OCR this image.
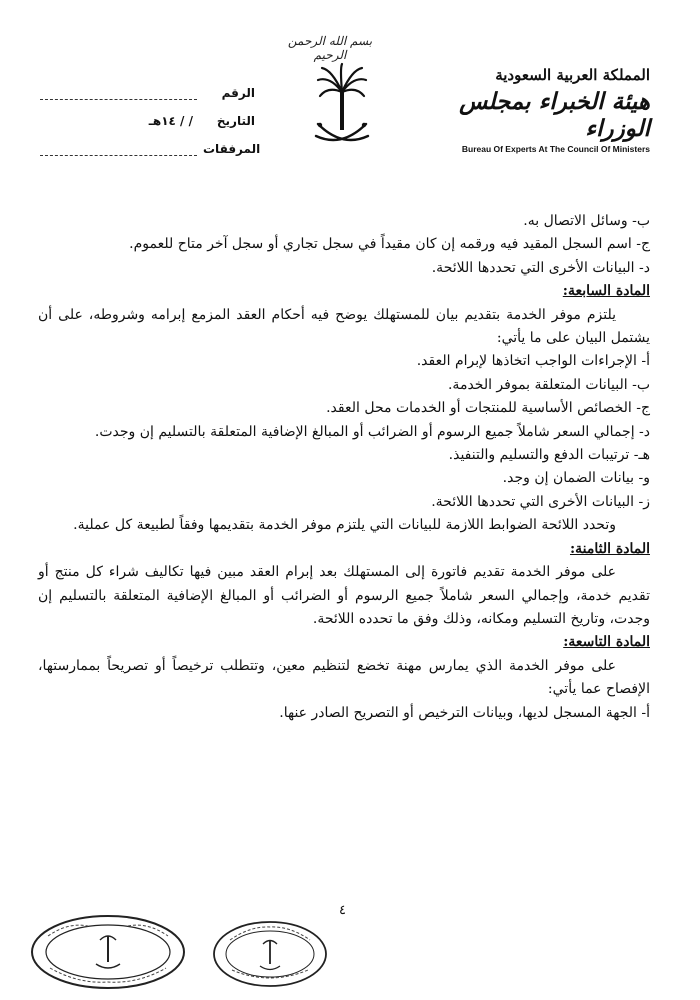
بسم الله الرحمن الرحيم
المملكة العربية السعودية
هيئة الخبراء بمجلس الوزراء
Bureau Of Experts At The Council Of Ministers
الرقم
التاريخ
/ / ١٤هـ
المرفقات

ب- وسائل الاتصال به.

ج- اسم السجل المقيد فيه ورقمه إن كان مقيداً في سجل تجاري أو سجل آخر متاح للعموم.

د- البيانات الأخرى التي تحددها اللائحة.

المادة السابعة:

يلتزم موفر الخدمة بتقديم بيان للمستهلك يوضح فيه أحكام العقد المزمع إبرامه وشروطه، على أن يشتمل البيان على ما يأتي:

أ- الإجراءات الواجب اتخاذها لإبرام العقد.

ب- البيانات المتعلقة بموفر الخدمة.

ج- الخصائص الأساسية للمنتجات أو الخدمات محل العقد.

د- إجمالي السعر شاملاً جميع الرسوم أو الضرائب أو المبالغ الإضافية المتعلقة بالتسليم إن وجدت.

هـ- ترتيبات الدفع والتسليم والتنفيذ.

و- بيانات الضمان إن وجد.

ز- البيانات الأخرى التي تحددها اللائحة.

وتحدد اللائحة الضوابط اللازمة للبيانات التي يلتزم موفر الخدمة بتقديمها وفقاً لطبيعة كل عملية.

المادة الثامنة:

على موفر الخدمة تقديم فاتورة إلى المستهلك بعد إبرام العقد مبين فيها تكاليف شراء كل منتج أو تقديم خدمة، وإجمالي السعر شاملاً جميع الرسوم أو الضرائب أو المبالغ الإضافية المتعلقة بالتسليم إن وجدت، وتاريخ التسليم ومكانه، وذلك وفق ما تحدده اللائحة.

المادة التاسعة:

على موفر الخدمة الذي يمارس مهنة تخضع لتنظيم معين، وتتطلب ترخيصاً أو تصريحاً بممارستها، الإفصاح عما يأتي:

أ- الجهة المسجل لديها، وبيانات الترخيص أو التصريح الصادر عنها.

٤
